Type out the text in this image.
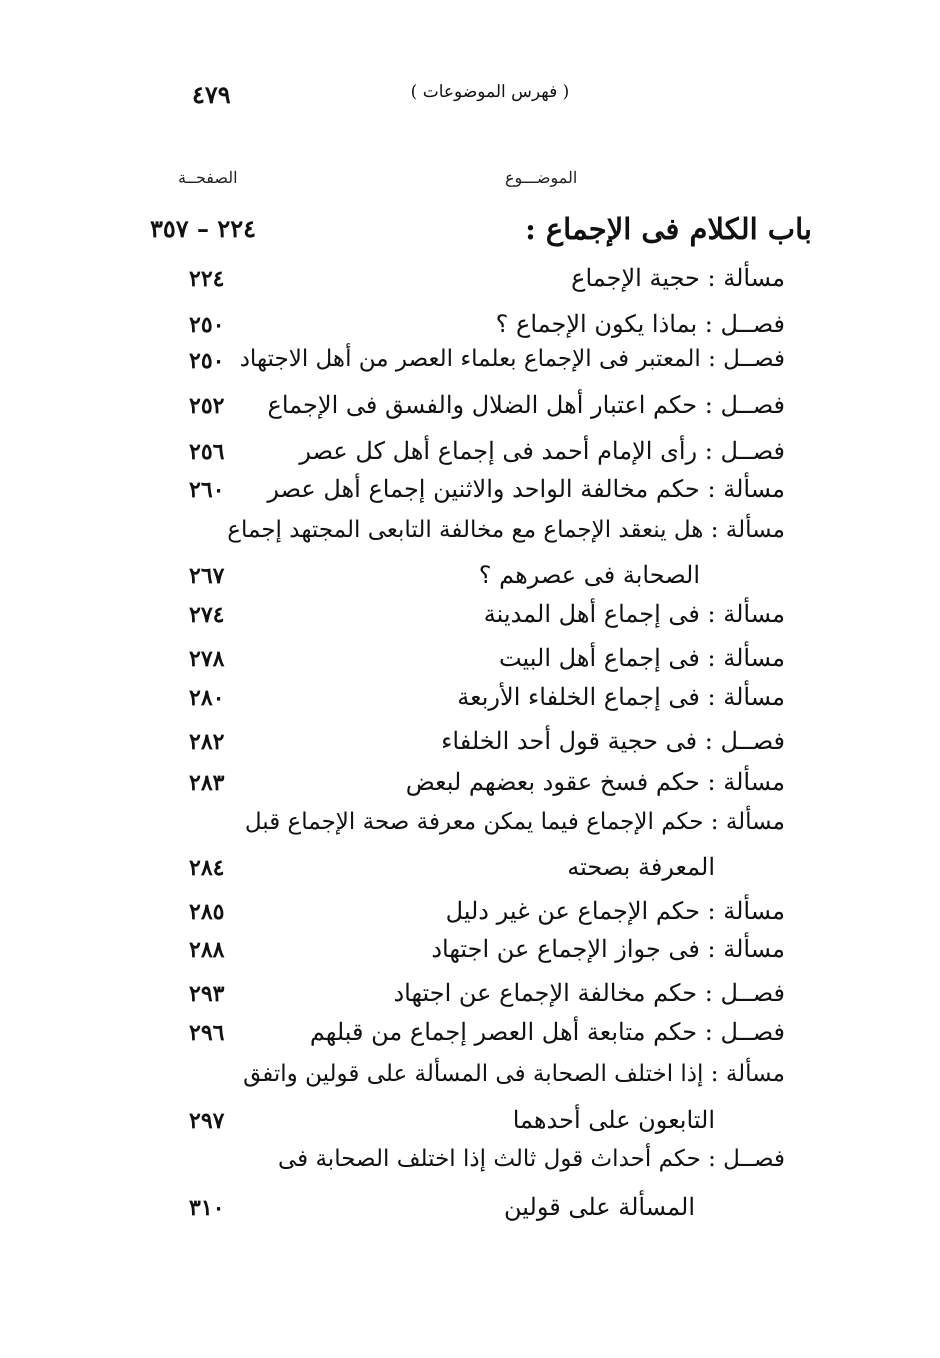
( فهرس الموضوعات )
٤٧٩
الموضـــوع
الصفحــة
باب الكلام فى الإجماع :
٢٢٤ – ٣٥٧
مسألة : حجية الإجماع
٢٢٤
فصــل : بماذا يكون الإجماع ؟
٢٥٠
فصــل : المعتبر فى الإجماع بعلماء العصر من أهل الاجتهاد
٢٥٠
فصــل : حكم اعتبار أهل الضلال والفسق فى الإجماع
٢٥٢
فصــل : رأى الإمام أحمد فى إجماع أهل كل عصر
٢٥٦
مسألة : حكم مخالفة الواحد والاثنين إجماع أهل عصر
٢٦٠
مسألة : هل ينعقد الإجماع مع مخالفة التابعى المجتهد إجماع
الصحابة فى عصرهم ؟
٢٦٧
مسألة : فى إجماع أهل المدينة
٢٧٤
مسألة : فى إجماع أهل البيت
٢٧٨
مسألة : فى إجماع الخلفاء الأربعة
٢٨٠
فصــل : فى حجية قول أحد الخلفاء
٢٨٢
مسألة : حكم فسخ عقود بعضهم لبعض
٢٨٣
مسألة : حكم الإجماع فيما يمكن معرفة صحة الإجماع قبل
المعرفة بصحته
٢٨٤
مسألة : حكم الإجماع عن غير دليل
٢٨٥
مسألة : فى جواز الإجماع عن اجتهاد
٢٨٨
فصــل : حكم مخالفة الإجماع عن اجتهاد
٢٩٣
فصــل : حكم متابعة أهل العصر إجماع من قبلهم
٢٩٦
مسألة : إذا اختلف الصحابة فى المسألة على قولين واتفق
التابعون على أحدهما
٢٩٧
فصــل : حكم أحداث قول ثالث إذا اختلف الصحابة فى
المسألة على قولين
٣١٠
